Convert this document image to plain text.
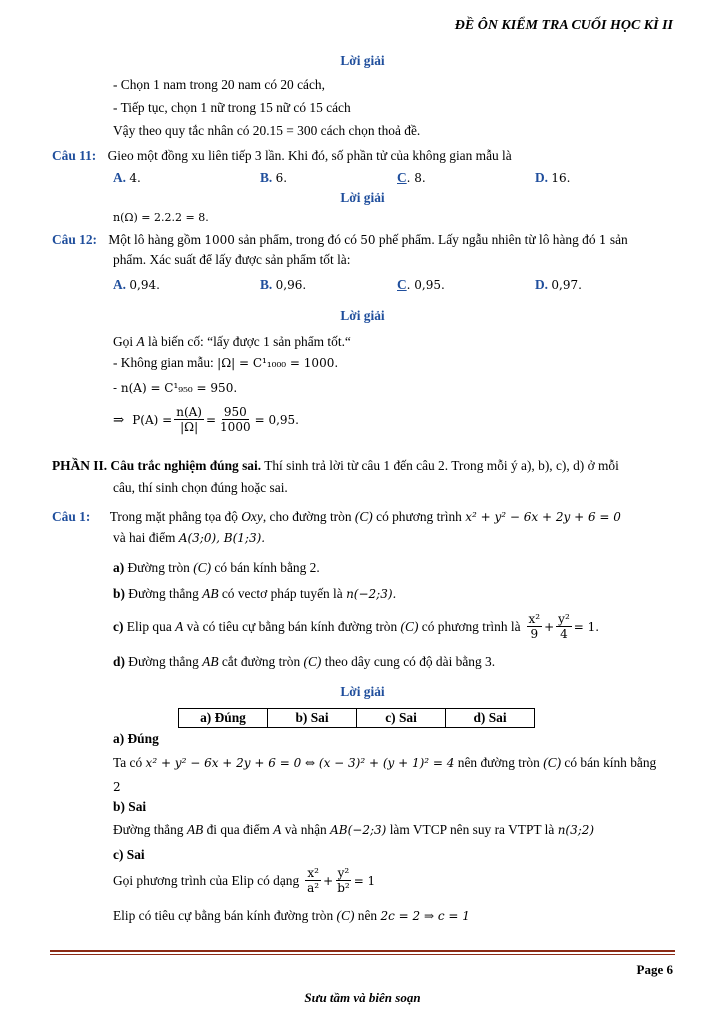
ĐỀ ÔN KIỂM TRA CUỐI HỌC KÌ II
Lời giải
- Chọn 1 nam trong 20 nam có 20 cách,
- Tiếp tục, chọn 1 nữ trong 15 nữ có 15 cách
Vậy theo quy tắc nhân có 20.15 = 300 cách chọn thoả đề.
Câu 11: Gieo một đồng xu liên tiếp 3 lần. Khi đó, số phần tử của không gian mẫu là
A. 4.	B. 6.	C. 8.	D. 16.
Lời giải
n(Ω) = 2.2.2 = 8.
Câu 12: Một lô hàng gồm 1000 sản phẩm, trong đó có 50 phế phẩm. Lấy ngẫu nhiên từ lô hàng đó 1 sản
phẩm. Xác suất để lấy được sản phẩm tốt là:
A. 0,94.	B. 0,96.	C. 0,95.	D. 0,97.
Lời giải
Gọi A là biến cố: “lấy được 1 sản phẩm tốt.“
- Không gian mẫu: |Ω| = C¹₁₀₀₀ = 1000.
- n(A) = C¹₉₅₀ = 950.
⇒ $P(A) = \frac{n(A)}{|\Omega|} = \frac{950}{1000} = 0,95$.
PHẦN II. Câu trắc nghiệm đúng sai. Thí sinh trả lời từ câu 1 đến câu 2. Trong mỗi ý a), b), c), d) ở mỗi
câu, thí sinh chọn đúng hoặc sai.
Câu 1: Trong mặt phẳng tọa độ Oxy, cho đường tròn (C) có phương trình x² + y² − 6x + 2y + 6 = 0
và hai điểm A(3;0), B(1;3).
a) Đường tròn (C) có bán kính bằng 2.
b) Đường thẳng AB có vectơ pháp tuyến là n(−2;3).
c)
Elip qua
A
và có tiêu cự bằng bán kính đường tròn
(C)
có phương trình là $\frac{\text{x²}}{9} + \frac{\text{y²}}{4} = 1$.
d) Đường thẳng AB cắt đường tròn (C) theo dây cung có độ dài bằng 3.
Lời giải
a) Đúng	b) Sai	c) Sai	d) Sai
a) Đúng
Ta có x² + y² − 6x + 2y + 6 = 0 ⇔ (x − 3)² + (y + 1)² = 4 nên đường tròn (C) có bán kính bằng
2
b) Sai
Đường thẳng AB đi qua điểm A và nhận AB(−2;3) làm VTCP nên suy ra VTPT là n(3;2)
c) Sai
Gọi phương trình của Elip có dạng $\frac{\text{x²}}{\text{a²}} + \frac{\text{y²}}{\text{b²}} = 1$
Elip có tiêu cự bằng bán kính đường tròn (C) nên 2c = 2 ⇒ c = 1
Page 6
Sưu tầm và biên soạn
